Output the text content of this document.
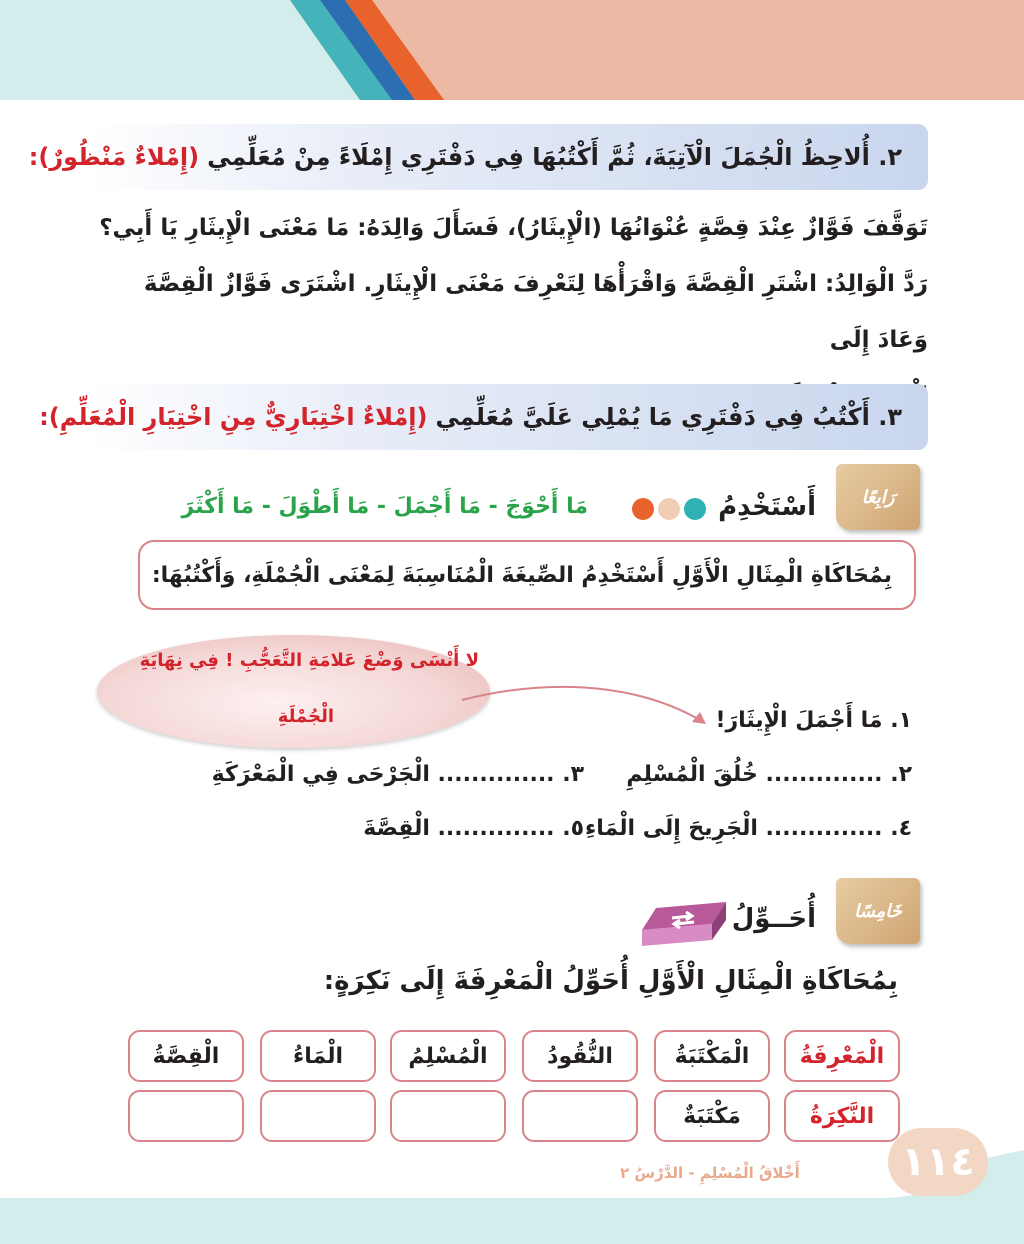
٢. أُلاحِظُ الْجُمَلَ الْآتِيَةَ، ثُمَّ أَكْتُبُهَا فِي دَفْتَرِي إِمْلَاءً مِنْ مُعَلِّمِي
(إِمْلاءٌ مَنْظُورٌ):
تَوَقَّفَ فَوَّازٌ عِنْدَ قِصَّةٍ عُنْوَانُهَا (الْإِيثَارُ)، فَسَأَلَ وَالِدَهُ: مَا مَعْنَى الْإِيثَارِ يَا أَبِي؟
رَدَّ الْوَالِدُ: اشْتَرِ الْقِصَّةَ وَاقْرَأْهَا لِتَعْرِفَ مَعْنَى الْإِيثَارِ. اشْتَرَى فَوَّازٌ الْقِصَّةَ وَعَادَ إِلَى
٣. أَكْتُبُ فِي دَفْتَرِي مَا يُمْلِي عَلَيَّ مُعَلِّمِي
(إِمْلاءٌ اخْتِبَارِيٌّ مِنِ اخْتِيَارِ الْمُعَلِّمِ):
رَابِعًا
أَسْتَخْدِمُ
مَا أَحْوَجَ - مَا أَجْمَلَ - مَا أَطْوَلَ - مَا أَكْثَرَ
بِمُحَاكَاةِ الْمِثَالِ الْأَوَّلِ أَسْتَخْدِمُ الصِّيغَةَ الْمُنَاسِبَةَ لِمَعْنَى الْجُمْلَةِ، وَأَكْتُبُهَا:
لا أَنْسَى وَضْعَ عَلامَةِ التَّعَجُّبِ ! فِي نِهَايَةِ
الْجُمْلَةِ	١. مَا أَجْمَلَ الْإِيثَارَ!
٢. .............. خُلُقَ الْمُسْلِمِ
٣. .............. الْجَرْحَى فِي الْمَعْرَكَةِ
٤. .............. الْجَرِيحَ إِلَى الْمَاءِ
٥. .............. الْقِصَّةَ
خَامِسًا
أُحَــوِّلُ
بِمُحَاكَاةِ الْمِثَالِ الْأَوَّلِ أُحَوِّلُ الْمَعْرِفَةَ إِلَى نَكِرَةٍ:
الْمَعْرِفَةُ
الْمَكْتَبَةُ
النُّقُودُ
الْمُسْلِمُ
الْمَاءُ
الْقِصَّةُ
النَّكِرَةُ
مَكْتَبَةٌ
١١٤
أَخْلاقُ الْمُسْلِمِ - الدَّرْسُ ٢
